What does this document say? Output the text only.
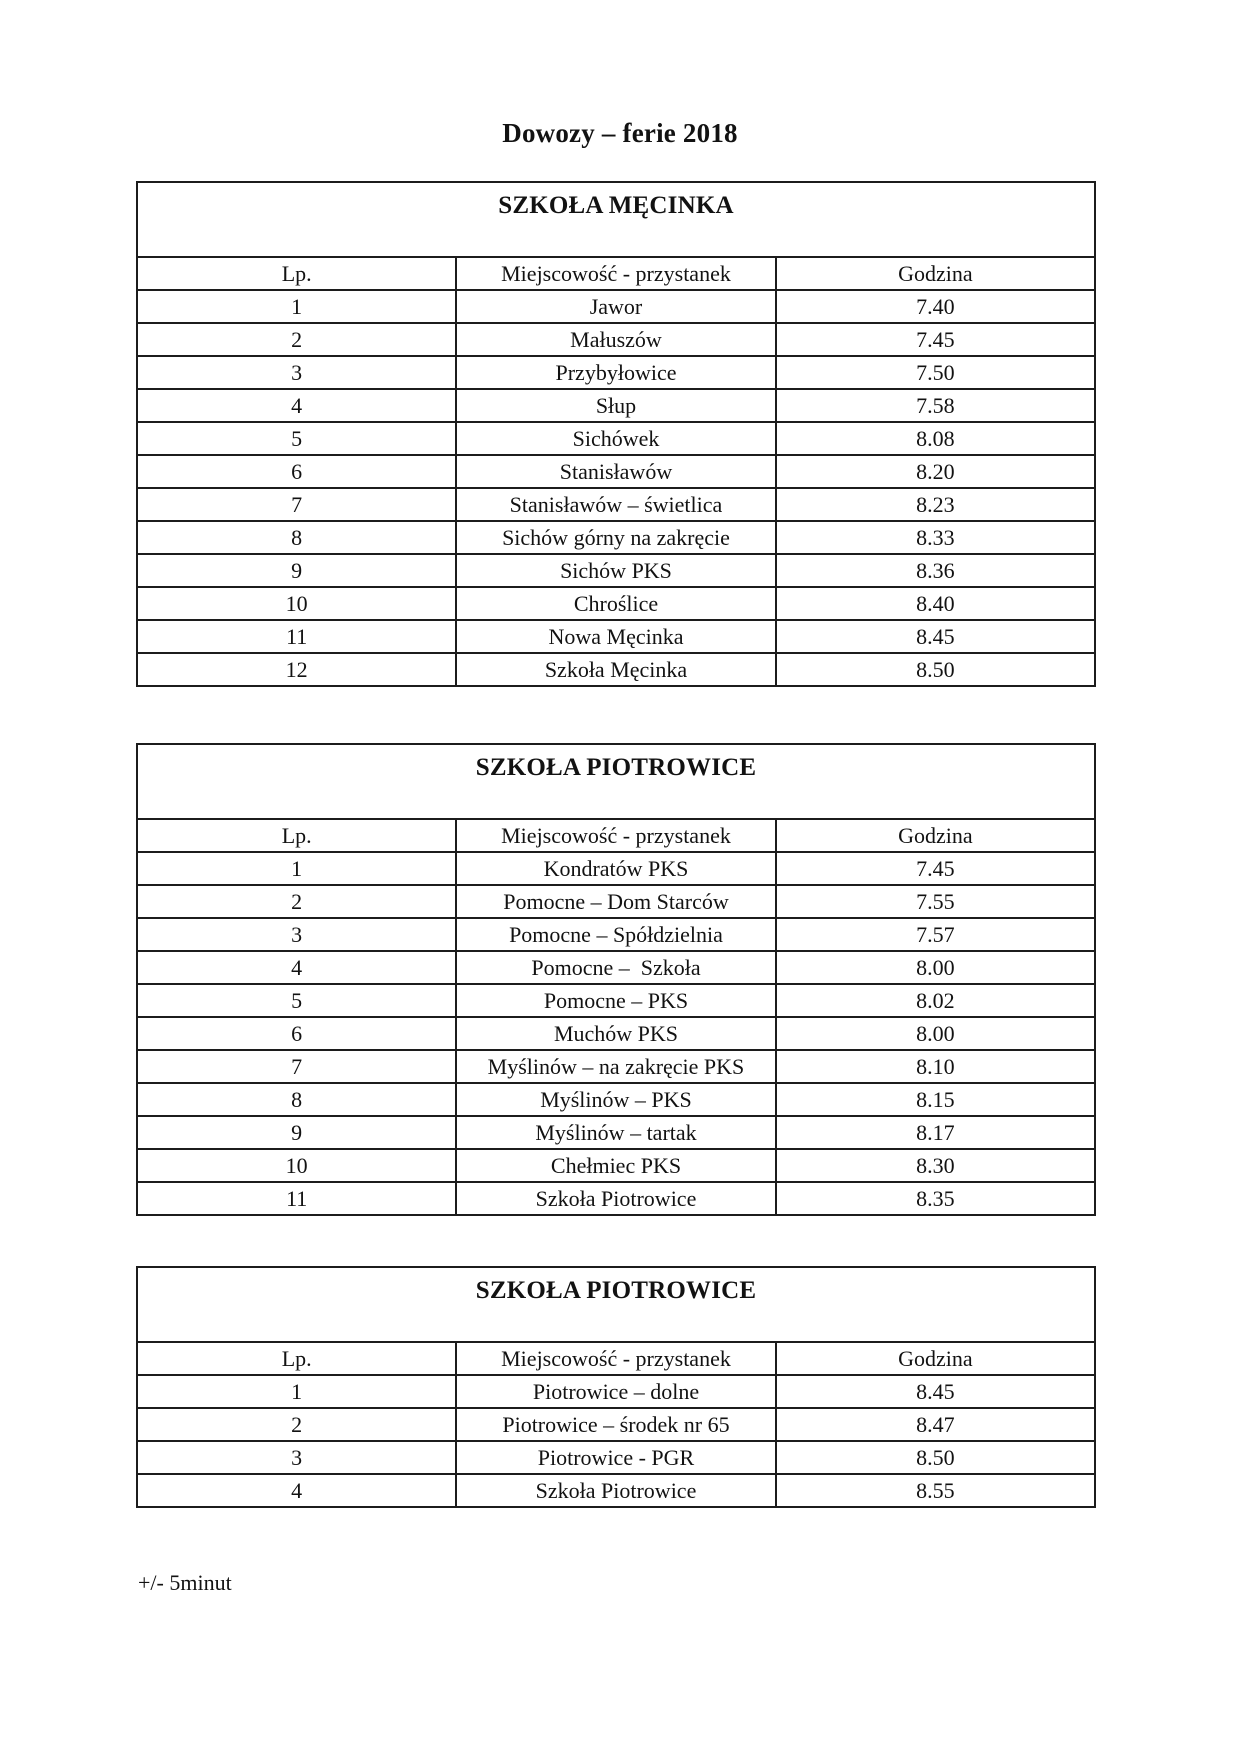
Dowozy – ferie 2018
SZKOŁA MĘCINKA		
Lp.	Miejscowość - przystanek	Godzina
1	Jawor	7.40
2	Małuszów	7.45
3	Przybyłowice	7.50
4	Słup	7.58
5	Sichówek	8.08
6	Stanisławów	8.20
7	Stanisławów – świetlica	8.23
8	Sichów górny na zakręcie	8.33
9	Sichów PKS	8.36
10	Chroślice	8.40
11	Nowa Męcinka	8.45
12	Szkoła Męcinka	8.50
SZKOŁA PIOTROWICE		
Lp.	Miejscowość - przystanek	Godzina
1	Kondratów PKS	7.45
2	Pomocne – Dom Starców	7.55
3	Pomocne – Spółdzielnia	7.57
4	Pomocne –  Szkoła	8.00
5	Pomocne – PKS	8.02
6	Muchów PKS	8.00
7	Myślinów – na zakręcie PKS	8.10
8	Myślinów – PKS	8.15
9	Myślinów – tartak	8.17
10	Chełmiec PKS	8.30
11	Szkoła Piotrowice	8.35
SZKOŁA PIOTROWICE		
Lp.	Miejscowość - przystanek	Godzina
1	Piotrowice – dolne	8.45
2	Piotrowice – środek nr 65	8.47
3	Piotrowice - PGR	8.50
4	Szkoła Piotrowice	8.55

+/- 5minut
